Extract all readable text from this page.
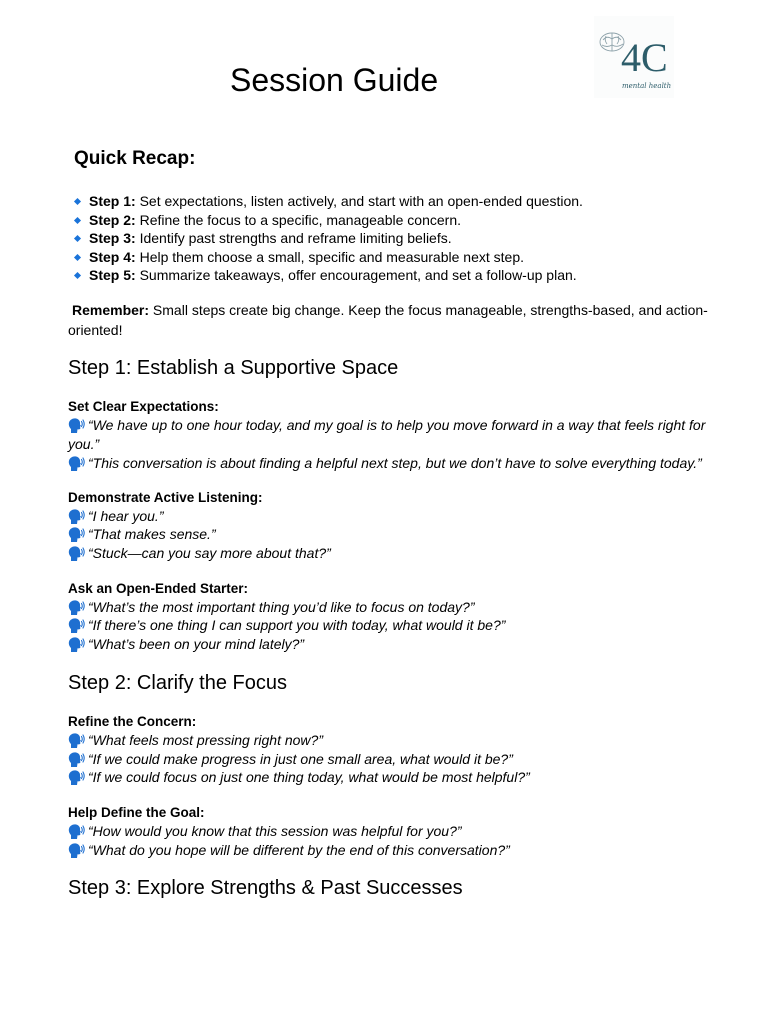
4C
mental health
Session Guide
Quick Recap:
Step 1: Set expectations, listen actively, and start with an open-ended question.
Step 2: Refine the focus to a specific, manageable concern.
Step 3: Identify past strengths and reframe limiting beliefs.
Step 4: Help them choose a small, specific and measurable next step.
Step 5: Summarize takeaways, offer encouragement, and set a follow-up plan.

Remember: Small steps create big change. Keep the focus manageable, strengths-based, and action-oriented!

Step 1: Establish a Supportive Space

Set Clear Expectations:

“We have up to one hour today, and my goal is to help you move forward in a way that feels right for you.”

“This conversation is about finding a helpful next step, but we don’t have to solve everything today.”

Demonstrate Active Listening:

“I hear you.”

“That makes sense.”

“Stuck—can you say more about that?”

Ask an Open-Ended Starter:

“What’s the most important thing you’d like to focus on today?”

“If there’s one thing I can support you with today, what would it be?”

“What’s been on your mind lately?”

Step 2: Clarify the Focus

Refine the Concern:

“What feels most pressing right now?”

“If we could make progress in just one small area, what would it be?”

“If we could focus on just one thing today, what would be most helpful?”

Help Define the Goal:

“How would you know that this session was helpful for you?”

“What do you hope will be different by the end of this conversation?”

Step 3: Explore Strengths & Past Successes
